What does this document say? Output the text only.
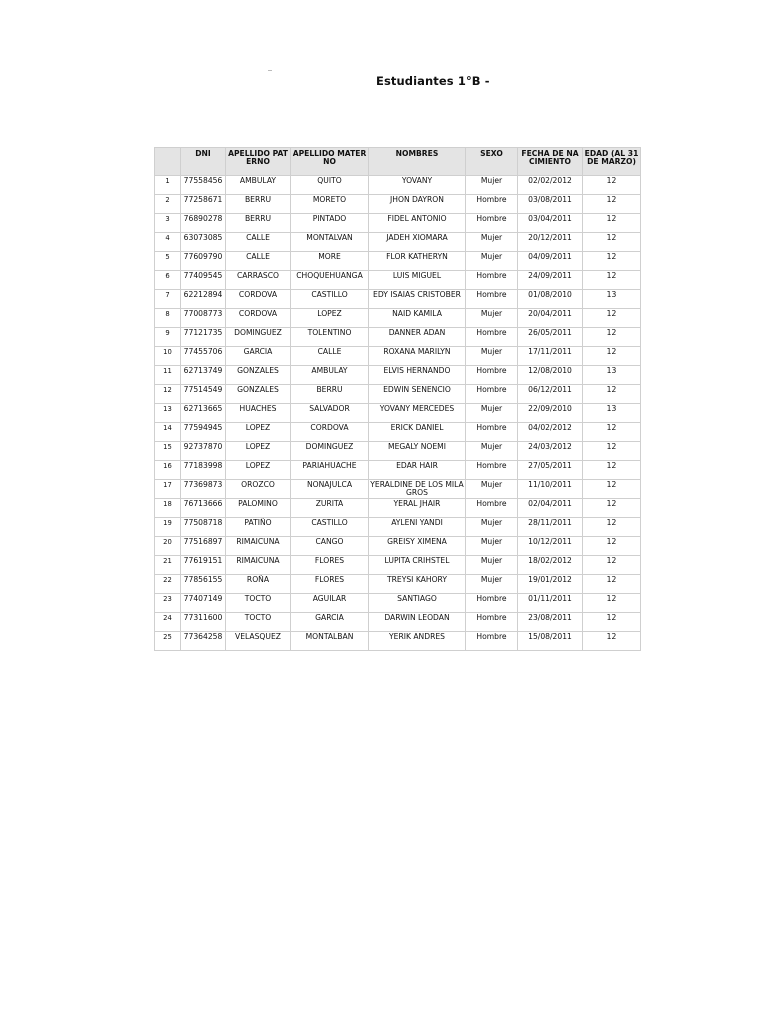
Estudiantes 1°B -
	DNI	APELLIDO PATERNO	APELLIDO MATERNO	NOMBRES	SEXO	FECHA DE NACIMIENTO	EDAD (AL 31 DE MARZO)
1	77558456	AMBULAY	QUITO	YOVANY	Mujer	02/02/2012	12
2	77258671	BERRU	MORETO	JHON DAYRON	Hombre	03/08/2011	12
3	76890278	BERRU	PINTADO	FIDEL ANTONIO	Hombre	03/04/2011	12
4	63073085	CALLE	MONTALVAN	JADEH XIOMARA	Mujer	20/12/2011	12
5	77609790	CALLE	MORE	FLOR KATHERYN	Mujer	04/09/2011	12
6	77409545	CARRASCO	CHOQUEHUANGA	LUIS MIGUEL	Hombre	24/09/2011	12
7	62212894	CORDOVA	CASTILLO	EDY ISAIAS CRISTOBER	Hombre	01/08/2010	13
8	77008773	CORDOVA	LOPEZ	NAID KAMILA	Mujer	20/04/2011	12
9	77121735	DOMINGUEZ	TOLENTINO	DANNER ADAN	Hombre	26/05/2011	12
10	77455706	GARCIA	CALLE	ROXANA MARILYN	Mujer	17/11/2011	12
11	62713749	GONZALES	AMBULAY	ELVIS HERNANDO	Hombre	12/08/2010	13
12	77514549	GONZALES	BERRU	EDWIN SENENCIO	Hombre	06/12/2011	12
13	62713665	HUACHES	SALVADOR	YOVANY MERCEDES	Mujer	22/09/2010	13
14	77594945	LOPEZ	CORDOVA	ERICK DANIEL	Hombre	04/02/2012	12
15	92737870	LOPEZ	DOMINGUEZ	MEGALY NOEMI	Mujer	24/03/2012	12
16	77183998	LOPEZ	PARIAHUACHE	EDAR HAIR	Hombre	27/05/2011	12
17	77369873	OROZCO	NONAJULCA	YERALDINE DE LOS MILAGROS	Mujer	11/10/2011	12
18	76713666	PALOMINO	ZURITA	YERAL JHAIR	Hombre	02/04/2011	12
19	77508718	PATIÑO	CASTILLO	AYLENI YANDI	Mujer	28/11/2011	12
20	77516897	RIMAICUNA	CANGO	GREISY XIMENA	Mujer	10/12/2011	12
21	77619151	RIMAICUNA	FLORES	LUPITA CRIHSTEL	Mujer	18/02/2012	12
22	77856155	ROÑA	FLORES	TREYSI KAHORY	Mujer	19/01/2012	12
23	77407149	TOCTO	AGUILAR	SANTIAGO	Hombre	01/11/2011	12
24	77311600	TOCTO	GARCIA	DARWIN LEODAN	Hombre	23/08/2011	12
25	77364258	VELASQUEZ	MONTALBAN	YERIK ANDRES	Hombre	15/08/2011	12
